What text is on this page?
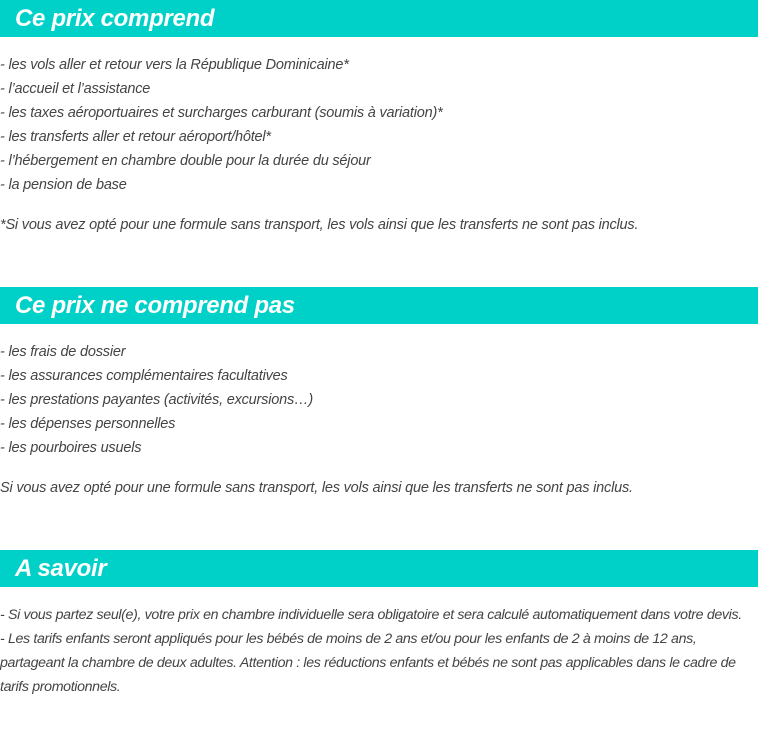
Ce prix comprend
- les vols aller et retour vers la République Dominicaine*
- l’accueil et l’assistance
- les taxes aéroportuaires et surcharges carburant (soumis à variation)*
- les transferts aller et retour aéroport/hôtel*
- l’hébergement en chambre double pour la durée du séjour
- la pension de base

*Si vous avez opté pour une formule sans transport, les vols ainsi que les transferts ne sont pas inclus.

Ce prix ne comprend pas
- les frais de dossier
- les assurances complémentaires facultatives
- les prestations payantes (activités, excursions…)
- les dépenses personnelles
- les pourboires usuels

Si vous avez opté pour une formule sans transport, les vols ainsi que les transferts ne sont pas inclus.

A savoir

- Si vous partez seul(e), votre prix en chambre individuelle sera obligatoire et sera calculé automatiquement dans votre devis.

- Les tarifs enfants seront appliqués pour les bébés de moins de 2 ans et/ou pour les enfants de 2 à moins de 12 ans, partageant la chambre de deux adultes. Attention : les réductions enfants et bébés ne sont pas applicables dans le cadre de tarifs promotionnels.
